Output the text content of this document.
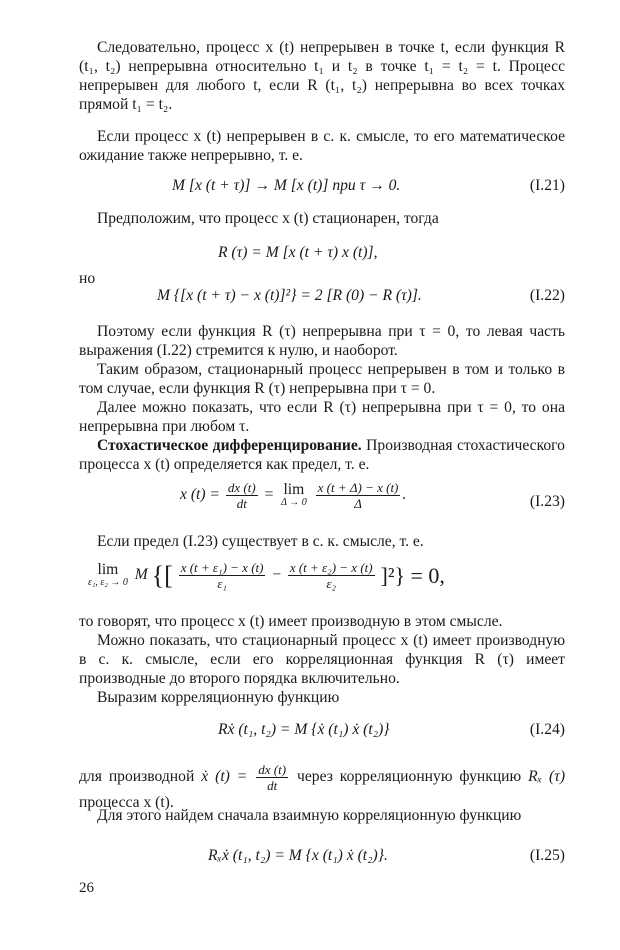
Следовательно, процесс x (t) непрерывен в точке t, если функция R (t₁, t₂) непрерывна относительно t₁ и t₂ в точке t₁ = t₂ = t. Процесс непрерывен для любого t, если R (t₁, t₂) непрерывна во всех точках прямой t₁ = t₂.

Если процесс x (t) непрерывен в с. к. смысле, то его математическое ожидание также непрерывно, т. е.

M [x (t + τ)] → M [x (t)] при τ → 0.	(I.21)

Предположим, что процесс x (t) стационарен, тогда

R (τ) = M [x (t + τ) x (t)],
но
M {[x (t + τ) − x (t)]²} = 2 [R (0) − R (τ)].	(I.22)

Поэтому если функция R (τ) непрерывна при τ = 0, то левая часть выражения (I.22) стремится к нулю, и наоборот.

Таким образом, стационарный процесс непрерывен в том и только в том случае, если функция R (τ) непрерывна при τ = 0.

Далее можно показать, что если R (τ) непрерывна при τ = 0, то она непрерывна при любом τ.

Стохастическое дифференцирование. Производная стохастического процесса x (t) определяется как предел, т. е.

x $(t) = \frac{dx (t)}{dt} = \lim$
Δ → 0
$\frac{x (t + \Delta) - x (t)}{\Delta}$ .	(I.23)

Если предел (I.23) существует в с. к. смысле, т. е.

lim
ε₁, ε₂ → 0 M {[ $\frac{\text{x (t + ε₁) − x (t)}}{\text{ε₁}} - \frac{\text{x (t + ε₂) − x (t)}}{\text{ε₂}} ]^2\} = 0$,

то говорят, что процесс x (t) имеет производную в этом смысле.

Можно показать, что стационарный процесс x (t) имеет производную в с. к. смысле, если его корреляционная функция R (τ) имеет производные до второго порядка включительно.

Выразим корреляционную функцию

Rẋ (t₁, t₂) = M {ẋ (t₁) ẋ (t₂)}	(I.24)

для производной ẋ $(t) = \frac{dx (t)}{dt}$ через корреляционную функцию Rₓ (τ) процесса x (t).

Для этого найдем сначала взаимную корреляционную функцию

Rₓẋ (t₁, t₂) = M {x (t₁) ẋ (t₂)}.	(I.25)
26
